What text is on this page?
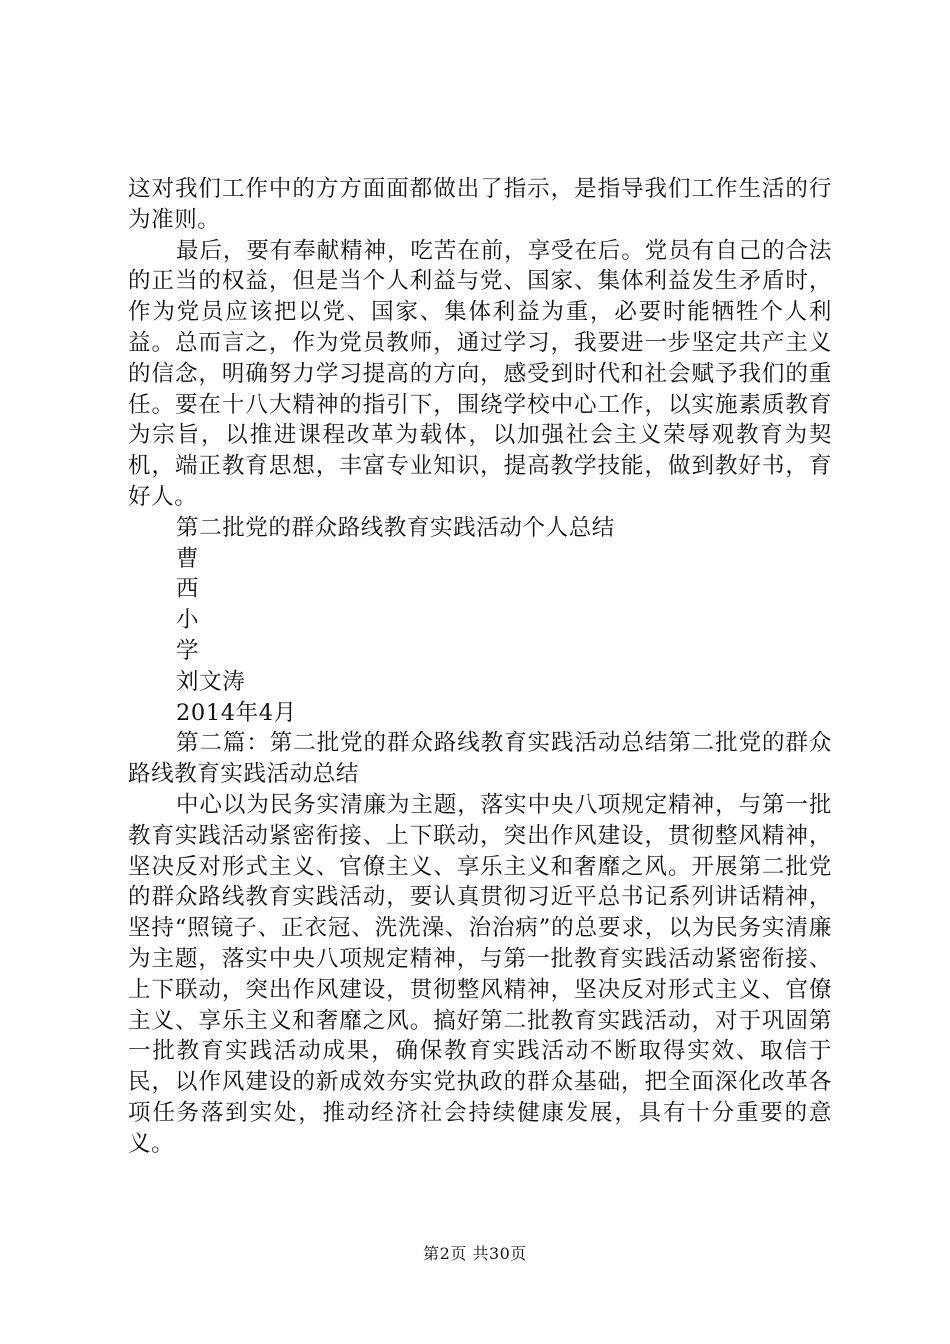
这对我们工作中的方方面面都做出了指示，是指导我们工作生活的行为准则。

最后，要有奉献精神，吃苦在前，享受在后。党员有自己的合法的正当的权益，但是当个人利益与党、国家、集体利益发生矛盾时，作为党员应该把以党、国家、集体利益为重，必要时能牺牲个人利益。总而言之，作为党员教师，通过学习，我要进一步坚定共产主义的信念，明确努力学习提高的方向，感受到时代和社会赋予我们的重任。要在十八大精神的指引下，围绕学校中心工作，以实施素质教育为宗旨，以推进课程改革为载体，以加强社会主义荣辱观教育为契机，端正教育思想，丰富专业知识，提高教学技能，做到教好书，育好人。

第二批党的群众路线教育实践活动个人总结

曹

西

小

学

刘文涛

2014年4月

第二篇：第二批党的群众路线教育实践活动总结第二批党的群众路线教育实践活动总结

中心以为民务实清廉为主题，落实中央八项规定精神，与第一批教育实践活动紧密衔接、上下联动，突出作风建设，贯彻整风精神，坚决反对形式主义、官僚主义、享乐主义和奢靡之风。开展第二批党的群众路线教育实践活动，要认真贯彻习近平总书记系列讲话精神，坚持“照镜子、正衣冠、洗洗澡、治治病”的总要求，以为民务实清廉为主题，落实中央八项规定精神，与第一批教育实践活动紧密衔接、上下联动，突出作风建设，贯彻整风精神，坚决反对形式主义、官僚主义、享乐主义和奢靡之风。搞好第二批教育实践活动，对于巩固第一批教育实践活动成果，确保教育实践活动不断取得实效、取信于民，以作风建设的新成效夯实党执政的群众基础，把全面深化改革各项任务落到实处，推动经济社会持续健康发展，具有十分重要的意义。

第2页 共30页
